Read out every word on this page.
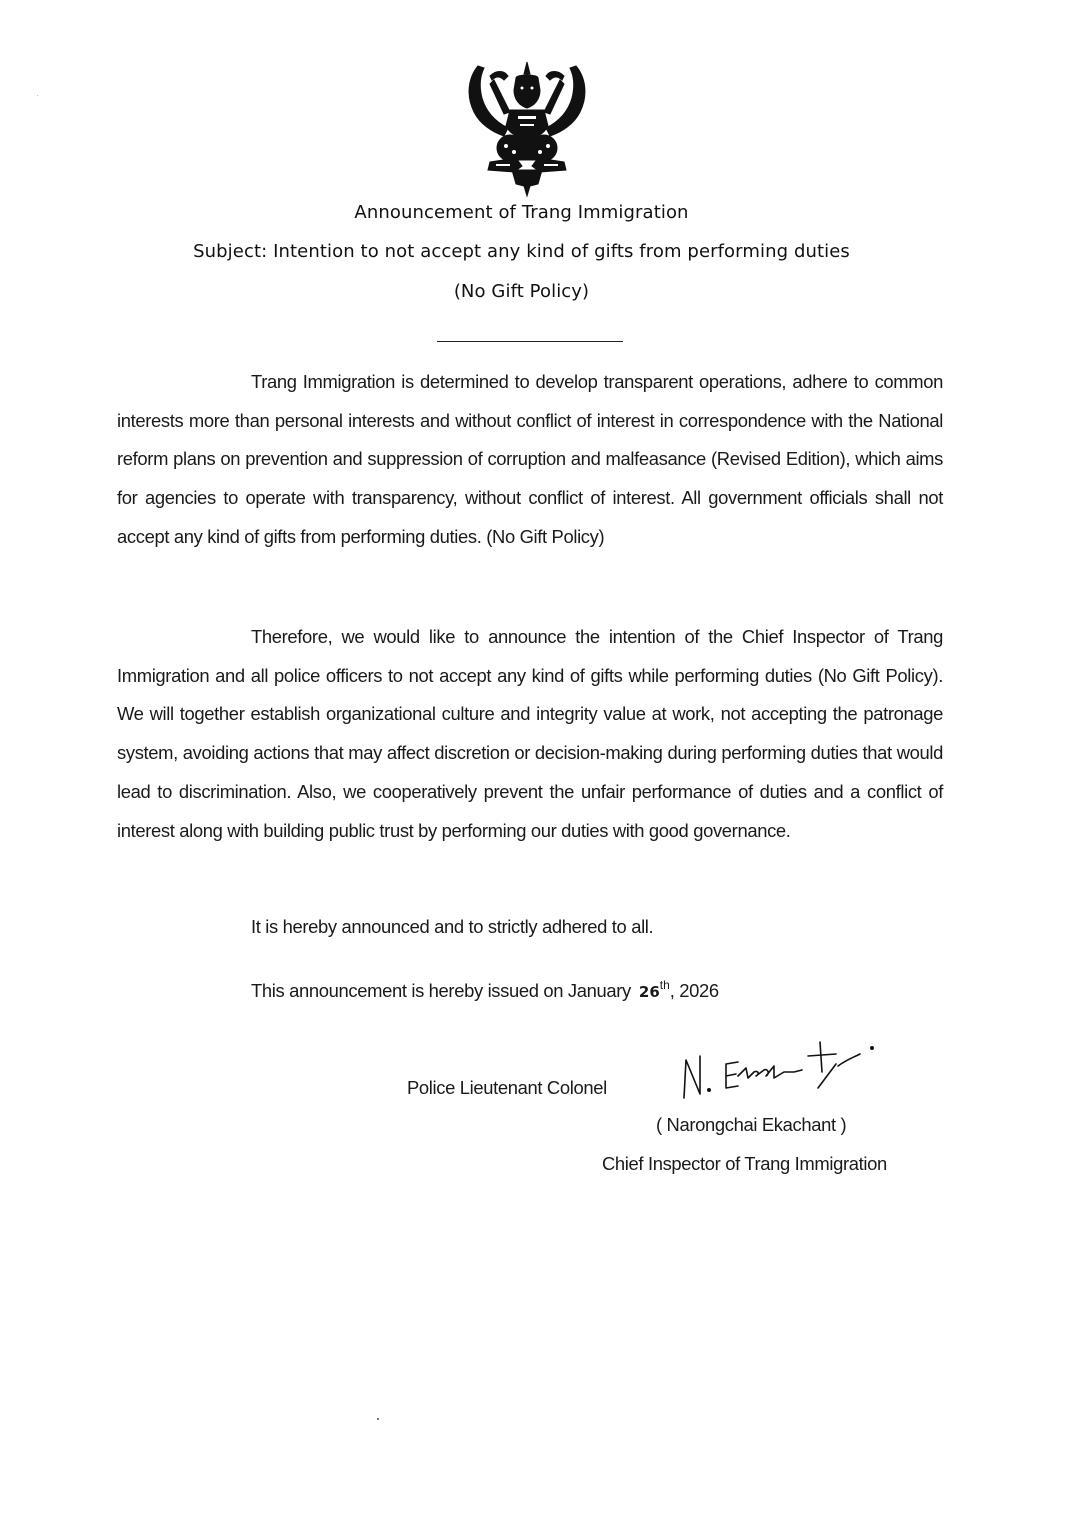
Announcement of Trang Immigration
Subject: Intention to not accept any kind of gifts from performing duties
(No Gift Policy)
Trang Immigration is determined to develop transparent operations, adhere to common interests more than personal interests and without conflict of interest in correspondence with the National reform plans on prevention and suppression of corruption and malfeasance (Revised Edition), which aims for agencies to operate with transparency, without conflict of interest. All government officials shall not accept any kind of gifts from performing duties. (No Gift Policy)
Therefore, we would like to announce the intention of the Chief Inspector of Trang Immigration and all police officers to not accept any kind of gifts while performing duties (No Gift Policy). We will together establish organizational culture and integrity value at work, not accepting the patronage system, avoiding actions that may affect discretion or decision-making during performing duties that would lead to discrimination. Also, we cooperatively prevent the unfair performance of duties and a conflict of interest along with building public trust by performing our duties with good governance.
It is hereby announced and to strictly adhered to all.
This announcement is hereby issued on January 26th, 2026
Police Lieutenant Colonel
( Narongchai Ekachant )
Chief Inspector of Trang Immigration
